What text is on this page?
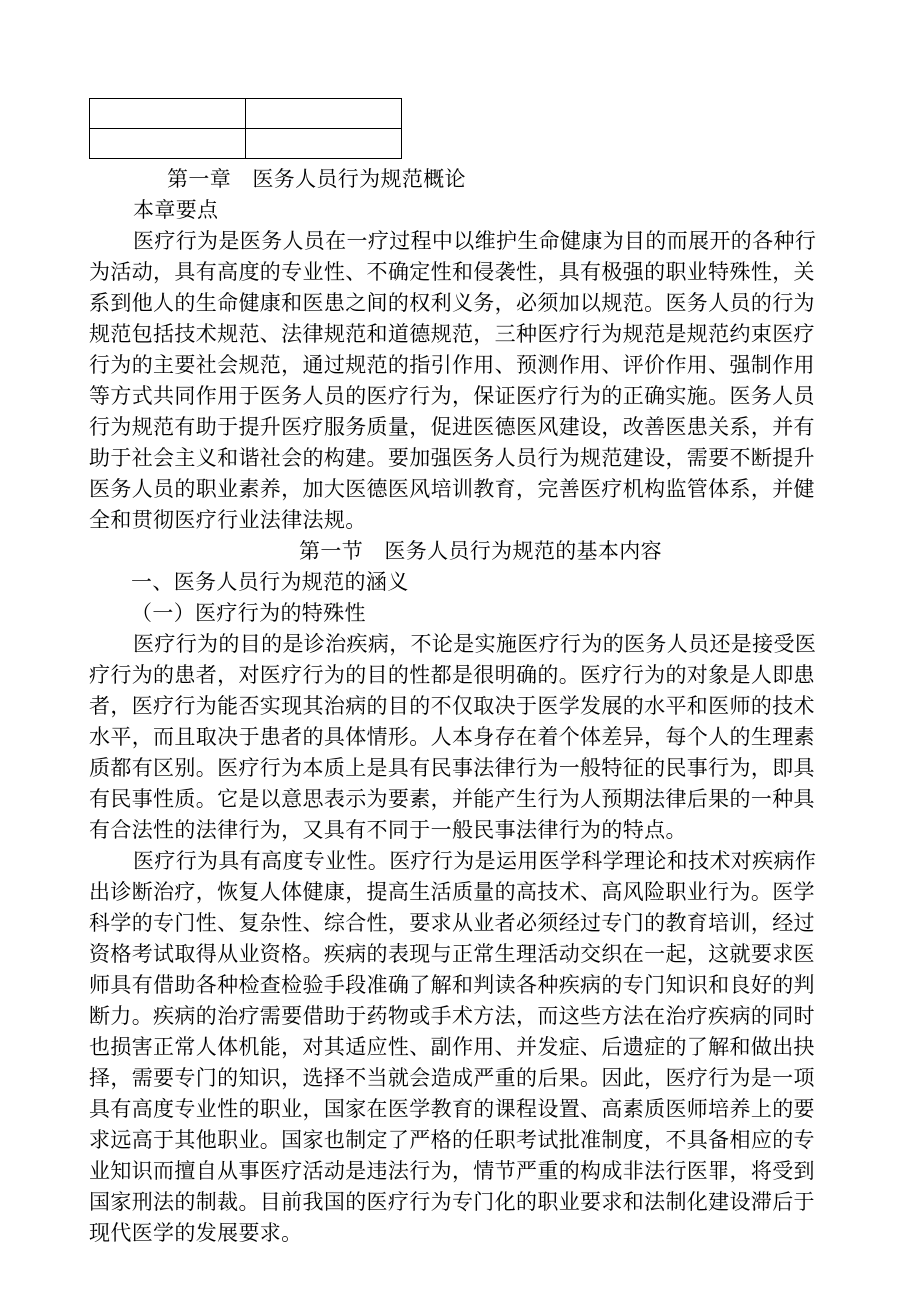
第一章　医务人员行为规范概论
本章要点
医疗行为是医务人员在一疗过程中以维护生命健康为目的而展开的各种行
为活动，具有高度的专业性、不确定性和侵袭性，具有极强的职业特殊性，关
系到他人的生命健康和医患之间的权利义务，必须加以规范。医务人员的行为
规范包括技术规范、法律规范和道德规范，三种医疗行为规范是规范约束医疗
行为的主要社会规范，通过规范的指引作用、预测作用、评价作用、强制作用
等方式共同作用于医务人员的医疗行为，保证医疗行为的正确实施。医务人员
行为规范有助于提升医疗服务质量，促进医德医风建设，改善医患关系，并有
助于社会主义和谐社会的构建。要加强医务人员行为规范建设，需要不断提升
医务人员的职业素养，加大医德医风培训教育，完善医疗机构监管体系，并健
全和贯彻医疗行业法律法规。
第一节　医务人员行为规范的基本内容
一、医务人员行为规范的涵义
（一）医疗行为的特殊性
医疗行为的目的是诊治疾病，不论是实施医疗行为的医务人员还是接受医
疗行为的患者，对医疗行为的目的性都是很明确的。医疗行为的对象是人即患
者，医疗行为能否实现其治病的目的不仅取决于医学发展的水平和医师的技术
水平，而且取决于患者的具体情形。人本身存在着个体差异，每个人的生理素
质都有区别。医疗行为本质上是具有民事法律行为一般特征的民事行为，即具
有民事性质。它是以意思表示为要素，并能产生行为人预期法律后果的一种具
有合法性的法律行为，又具有不同于一般民事法律行为的特点。
医疗行为具有高度专业性。医疗行为是运用医学科学理论和技术对疾病作
出诊断治疗，恢复人体健康，提高生活质量的高技术、高风险职业行为。医学
科学的专门性、复杂性、综合性，要求从业者必须经过专门的教育培训，经过
资格考试取得从业资格。疾病的表现与正常生理活动交织在一起，这就要求医
师具有借助各种检查检验手段准确了解和判读各种疾病的专门知识和良好的判
断力。疾病的治疗需要借助于药物或手术方法，而这些方法在治疗疾病的同时
也损害正常人体机能，对其适应性、副作用、并发症、后遗症的了解和做出抉
择，需要专门的知识，选择不当就会造成严重的后果。因此，医疗行为是一项
具有高度专业性的职业，国家在医学教育的课程设置、高素质医师培养上的要
求远高于其他职业。国家也制定了严格的任职考试批准制度，不具备相应的专
业知识而擅自从事医疗活动是违法行为，情节严重的构成非法行医罪，将受到
国家刑法的制裁。目前我国的医疗行为专门化的职业要求和法制化建设滞后于
现代医学的发展要求。
